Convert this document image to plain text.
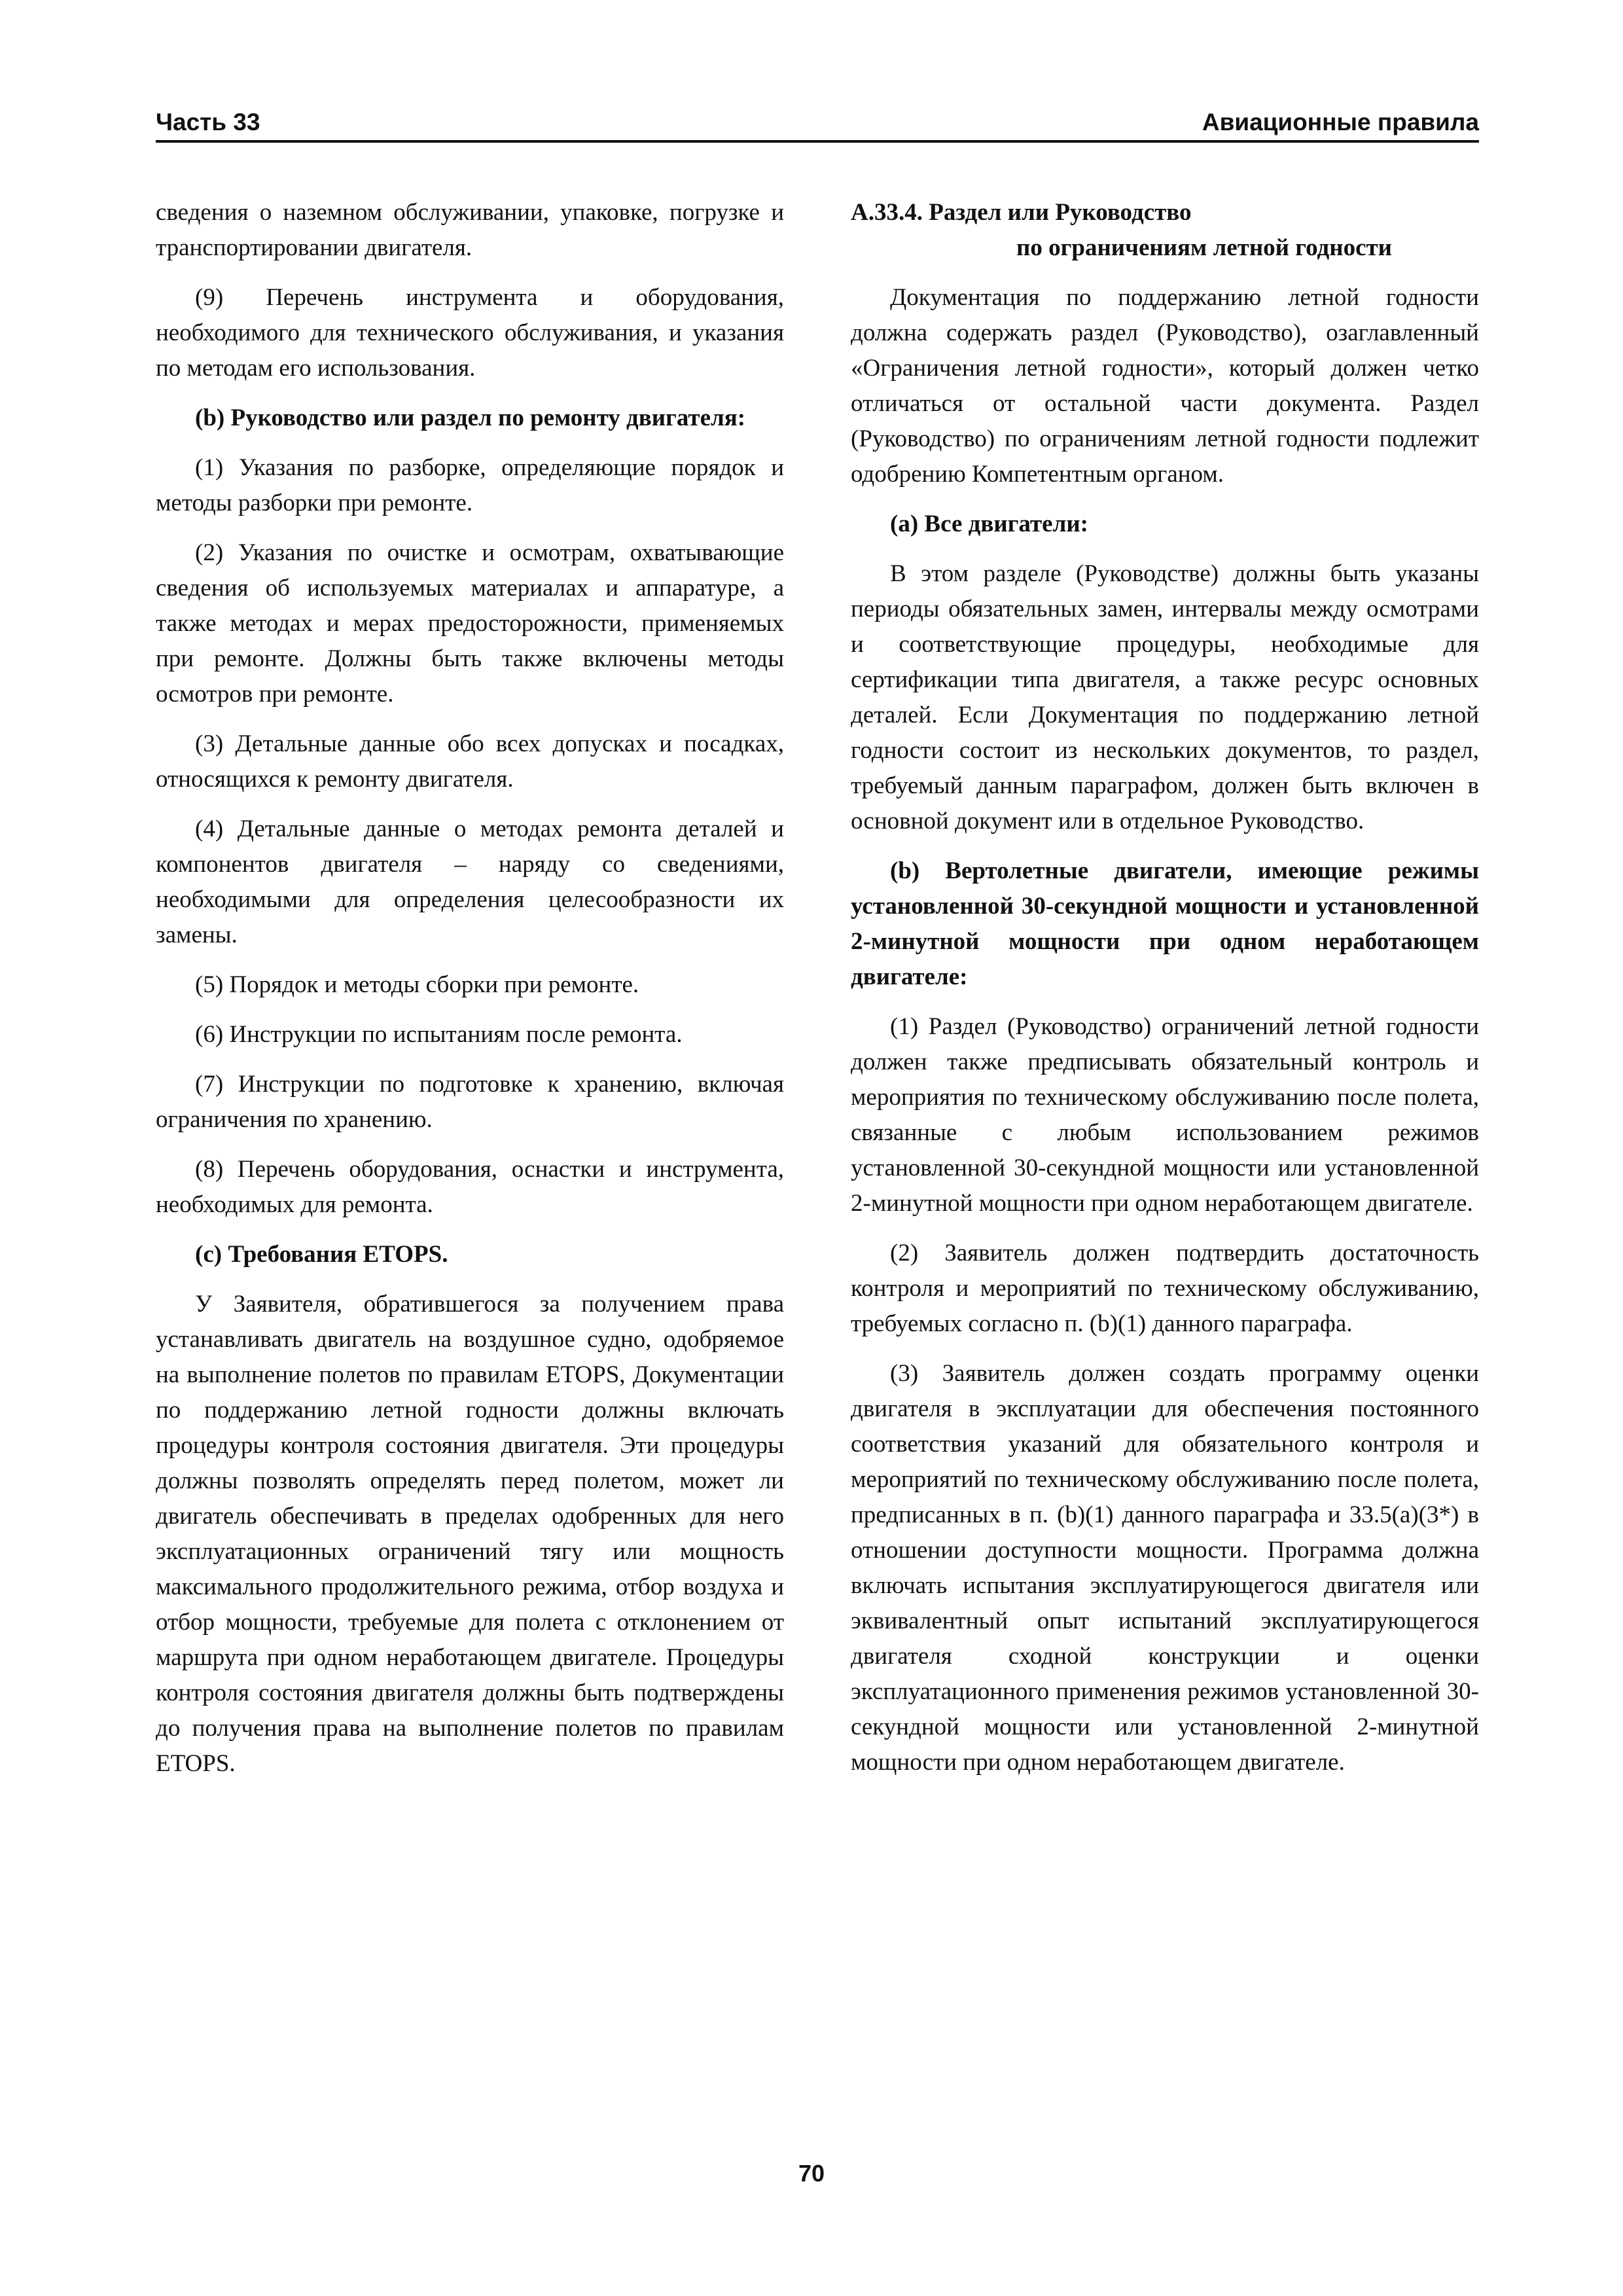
Часть 33	Авиационные правила

сведения о наземном обслуживании, упаковке, погрузке и транспортировании двигателя.

(9) Перечень инструмента и оборудования, необходимого для технического обслуживания, и указания по методам его использования.

(b) Руководство или раздел по ремонту двигателя:

(1) Указания по разборке, определяющие порядок и методы разборки при ремонте.

(2) Указания по очистке и осмотрам, охватывающие сведения об используемых материалах и аппаратуре, а также методах и мерах предосторожности, применяемых при ремонте. Должны быть также включены методы осмотров при ремонте.

(3) Детальные данные обо всех допусках и посадках, относящихся к ремонту двигателя.

(4) Детальные данные о методах ремонта деталей и компонентов двигателя – наряду со сведениями, необходимыми для определения целесообразности их замены.

(5) Порядок и методы сборки при ремонте.

(6) Инструкции по испытаниям после ремонта.

(7) Инструкции по подготовке к хранению, включая ограничения по хранению.

(8) Перечень оборудования, оснастки и инструмента, необходимых для ремонта.

(c) Требования ETOPS.

У Заявителя, обратившегося за получением права устанавливать двигатель на воздушное судно, одобряемое на выполнение полетов по правилам ETOPS, Документации по поддержанию летной годности должны включать процедуры контроля состояния двигателя. Эти процедуры должны позволять определять перед полетом, может ли двигатель обеспечивать в пределах одобренных для него эксплуатационных ограничений тягу или мощность максимального продолжительного режима, отбор воздуха и отбор мощности, требуемые для полета с отклонением от маршрута при одном неработающем двигателе. Процедуры контроля состояния двигателя должны быть подтверждены до получения права на выполнение полетов по правилам ETOPS.

A.33.4. Раздел или Руководство
по ограничениям летной годности

Документация по поддержанию летной годности должна содержать раздел (Руководство), озаглавленный «Ограничения летной годности», который должен четко отличаться от остальной части документа. Раздел (Руководство) по ограничениям летной годности подлежит одобрению Компетентным органом.

(a) Все двигатели:

В этом разделе (Руководстве) должны быть указаны периоды обязательных замен, интервалы между осмотрами и соответствующие процедуры, необходимые для сертификации типа двигателя, а также ресурс основных деталей. Если Документация по поддержанию летной годности состоит из нескольких документов, то раздел, требуемый данным параграфом, должен быть включен в основной документ или в отдельное Руководство.

(b) Вертолетные двигатели, имеющие режимы установленной 30-секундной мощности и установленной 2-минутной мощности при одном неработающем двигателе:

(1) Раздел (Руководство) ограничений летной годности должен также предписывать обязательный контроль и мероприятия по техническому обслуживанию после полета, связанные с любым использованием режимов установленной 30-секундной мощности или установленной 2-минутной мощности при одном неработающем двигателе.

(2) Заявитель должен подтвердить достаточность контроля и мероприятий по техническому обслуживанию, требуемых согласно п. (b)(1) данного параграфа.

(3) Заявитель должен создать программу оценки двигателя в эксплуатации для обеспечения постоянного соответствия указаний для обязательного контроля и мероприятий по техническому обслуживанию после полета, предписанных в п. (b)(1) данного параграфа и 33.5(a)(3*) в отношении доступности мощности. Программа должна включать испытания эксплуатирующегося двигателя или эквивалентный опыт испытаний эксплуатирующегося двигателя сходной конструкции и оценки эксплуатационного применения режимов установленной 30-секундной мощности или установленной 2-минутной мощности при одном неработающем двигателе.

70
